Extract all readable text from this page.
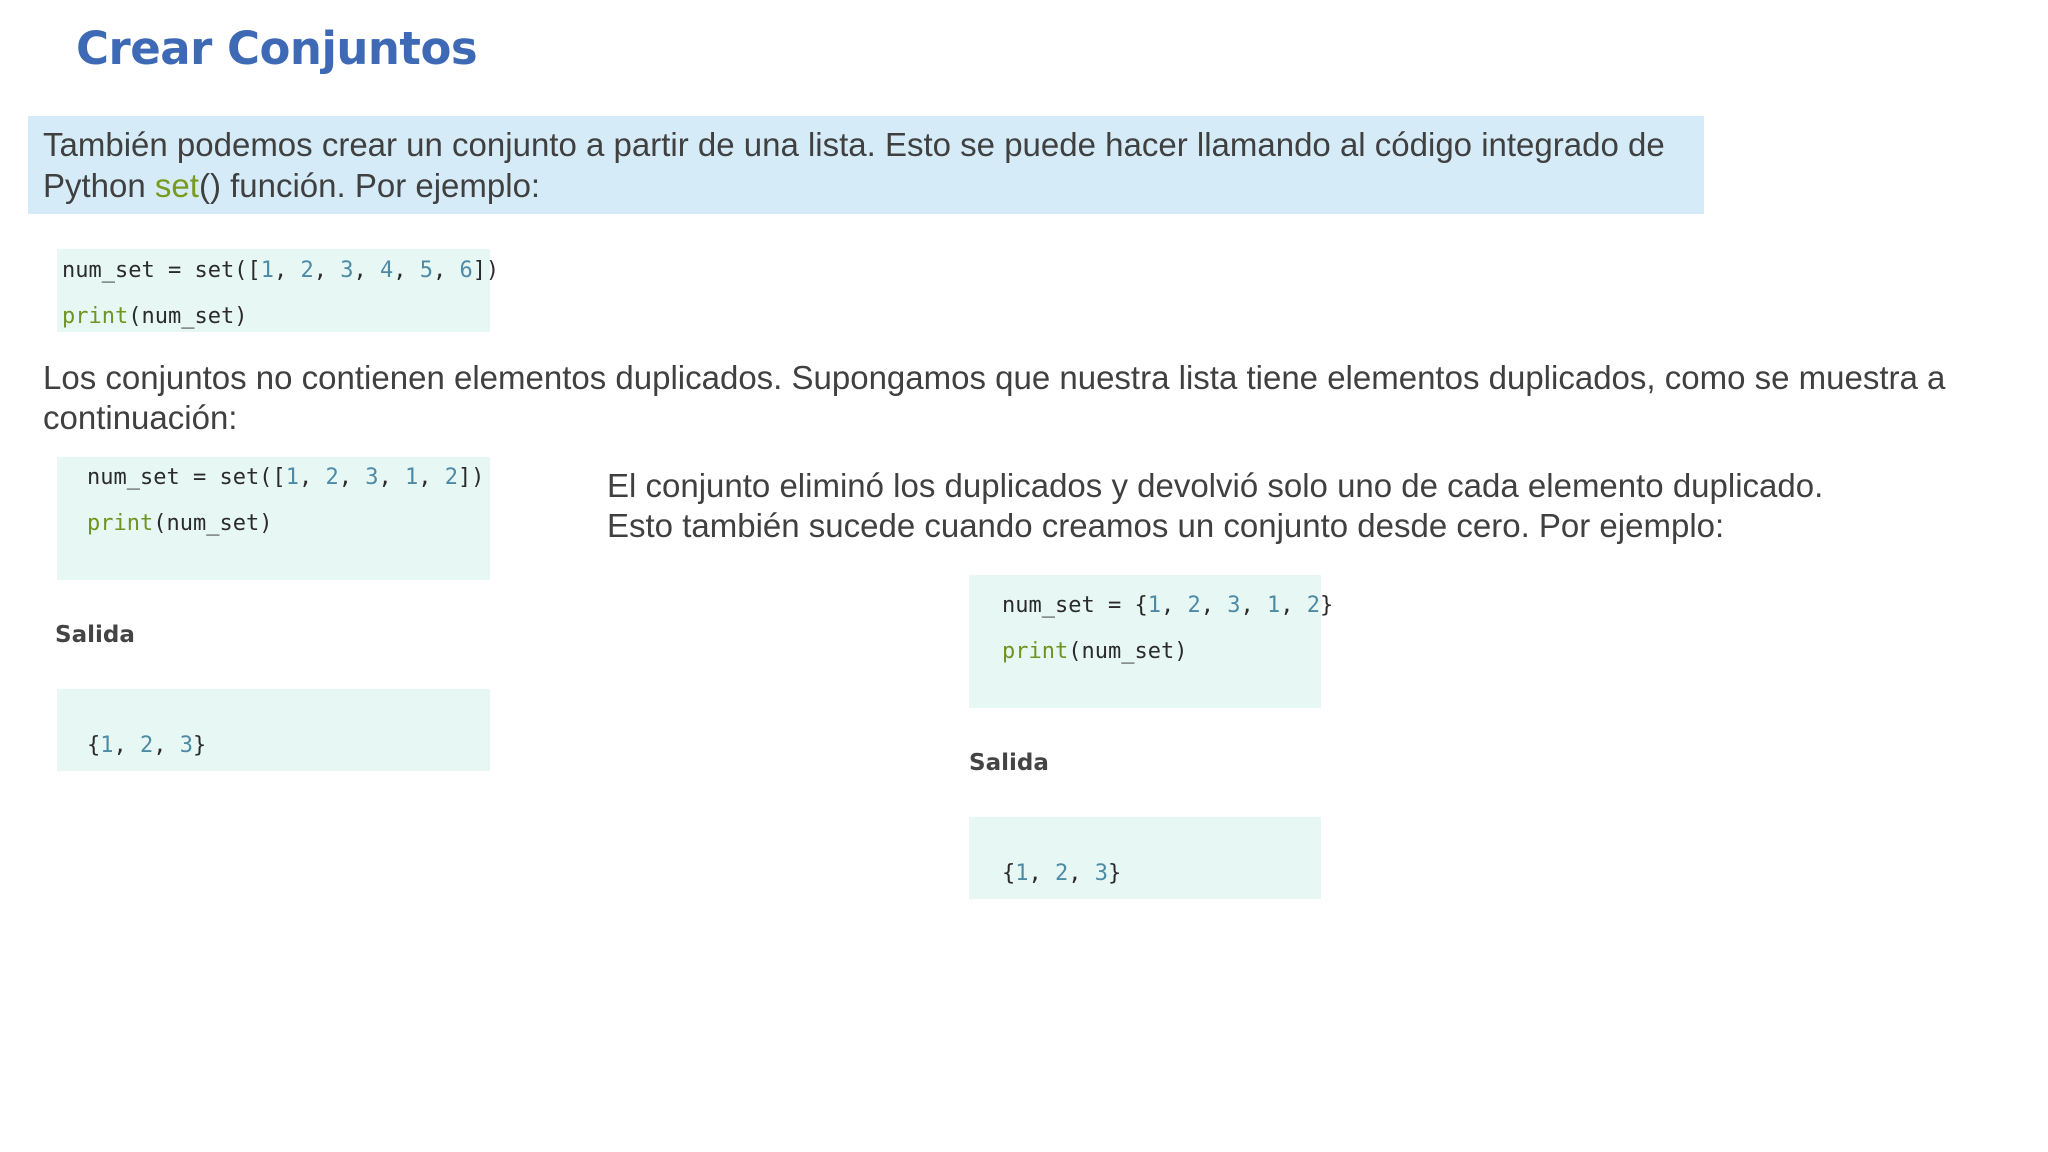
Crear Conjuntos
También podemos crear un conjunto a partir de una lista. Esto se puede hacer llamando al código integrado de Python set() función. Por ejemplo:
num_set = set([1, 2, 3, 4, 5, 6])
print(num_set)
Los conjuntos no contienen elementos duplicados. Supongamos que nuestra lista tiene elementos duplicados, como se muestra a continuación:
num_set = set([1, 2, 3, 1, 2])
print(num_set)
Salida
{1, 2, 3}
El conjunto eliminó los duplicados y devolvió solo uno de cada elemento duplicado. Esto también sucede cuando creamos un conjunto desde cero. Por ejemplo:
num_set = {1, 2, 3, 1, 2}
print(num_set)
Salida
{1, 2, 3}
